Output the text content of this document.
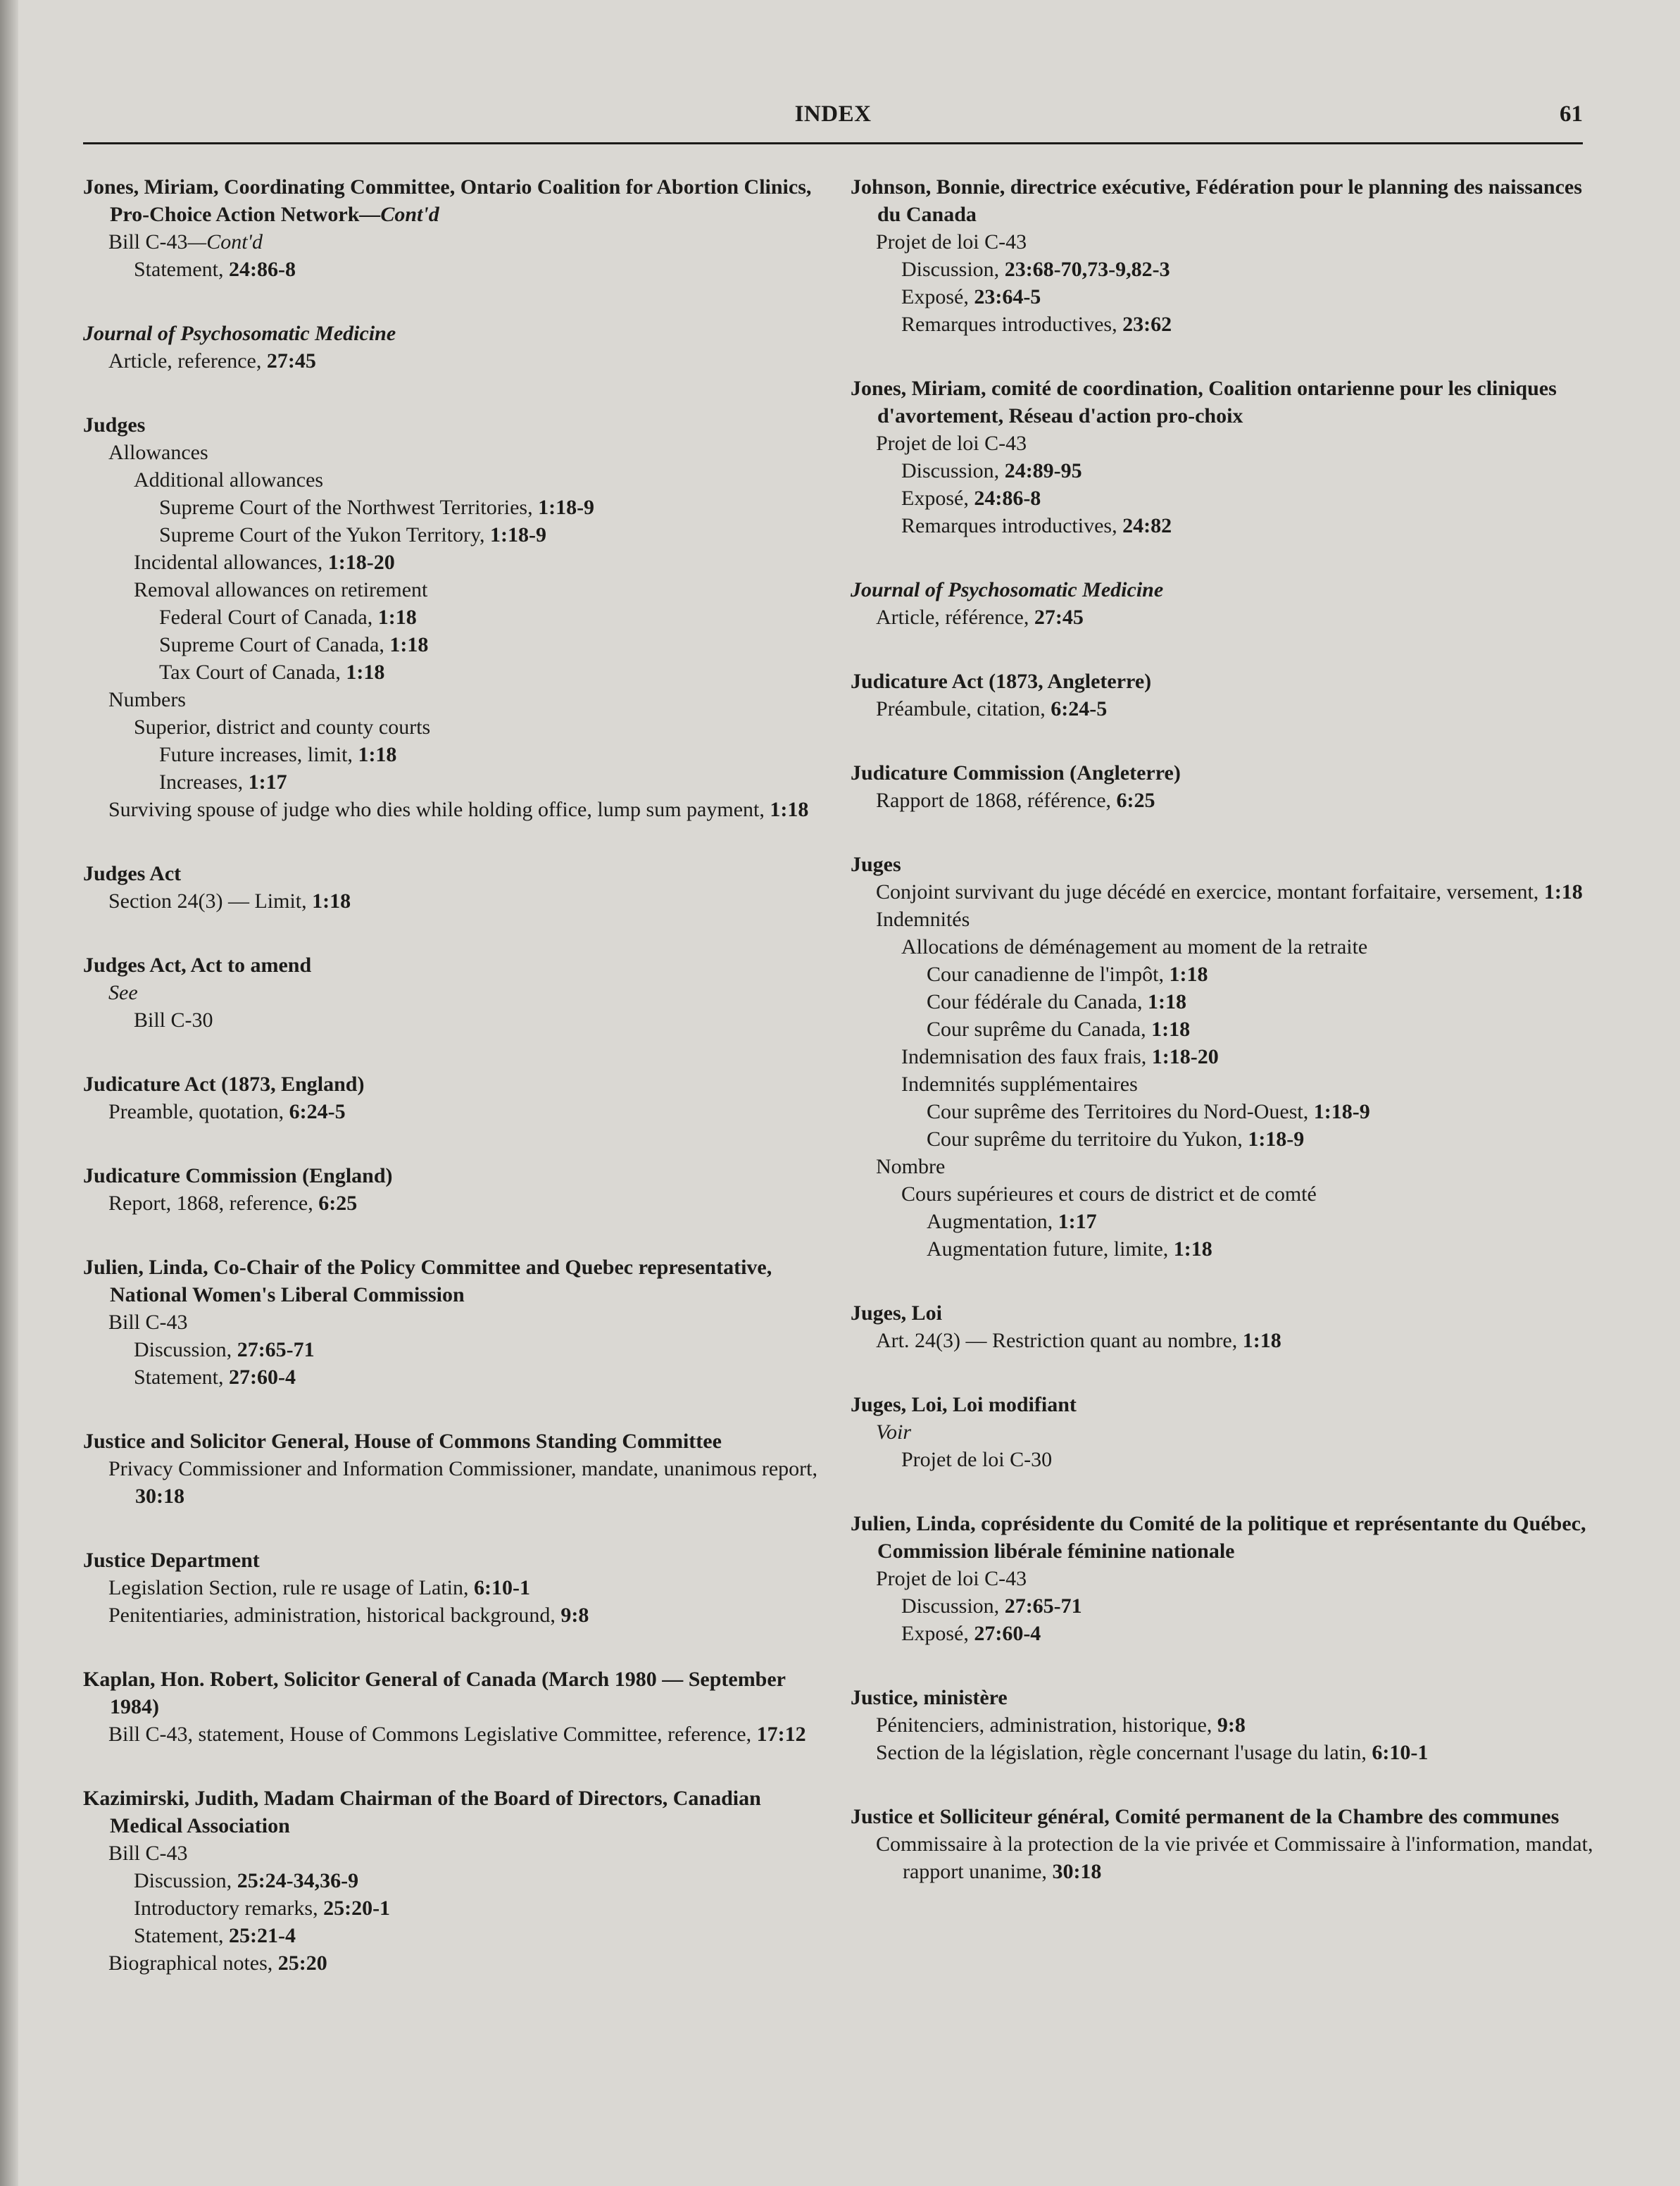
INDEX	61
Jones, Miriam, Coordinating Committee, Ontario Coalition for Abortion Clinics, Pro-Choice Action Network—Cont'd
Bill C-43—Cont'd
Statement, 24:86-8
Journal of Psychosomatic Medicine
Article, reference, 27:45
Judges
Allowances
Additional allowances
Supreme Court of the Northwest Territories, 1:18-9
Supreme Court of the Yukon Territory, 1:18-9
Incidental allowances, 1:18-20
Removal allowances on retirement
Federal Court of Canada, 1:18
Supreme Court of Canada, 1:18
Tax Court of Canada, 1:18
Numbers
Superior, district and county courts
Future increases, limit, 1:18
Increases, 1:17
Surviving spouse of judge who dies while holding office, lump sum payment, 1:18
Judges Act
Section 24(3) — Limit, 1:18
Judges Act, Act to amend
See
Bill C-30
Judicature Act (1873, England)
Preamble, quotation, 6:24-5
Judicature Commission (England)
Report, 1868, reference, 6:25
Julien, Linda, Co-Chair of the Policy Committee and Quebec representative, National Women's Liberal Commission
Bill C-43
Discussion, 27:65-71
Statement, 27:60-4
Justice and Solicitor General, House of Commons Standing Committee
Privacy Commissioner and Information Commissioner, mandate, unanimous report, 30:18
Justice Department
Legislation Section, rule re usage of Latin, 6:10-1
Penitentiaries, administration, historical background, 9:8
Kaplan, Hon. Robert, Solicitor General of Canada (March 1980 — September 1984)
Bill C-43, statement, House of Commons Legislative Committee, reference, 17:12
Kazimirski, Judith, Madam Chairman of the Board of Directors, Canadian Medical Association
Bill C-43
Discussion, 25:24-34,36-9
Introductory remarks, 25:20-1
Statement, 25:21-4
Biographical notes, 25:20
Johnson, Bonnie, directrice exécutive, Fédération pour le planning des naissances du Canada
Projet de loi C-43
Discussion, 23:68-70,73-9,82-3
Exposé, 23:64-5
Remarques introductives, 23:62
Jones, Miriam, comité de coordination, Coalition ontarienne pour les cliniques d'avortement, Réseau d'action pro-choix
Projet de loi C-43
Discussion, 24:89-95
Exposé, 24:86-8
Remarques introductives, 24:82
Journal of Psychosomatic Medicine
Article, référence, 27:45
Judicature Act (1873, Angleterre)
Préambule, citation, 6:24-5
Judicature Commission (Angleterre)
Rapport de 1868, référence, 6:25
Juges
Conjoint survivant du juge décédé en exercice, montant forfaitaire, versement, 1:18
Indemnités
Allocations de déménagement au moment de la retraite
Cour canadienne de l'impôt, 1:18
Cour fédérale du Canada, 1:18
Cour suprême du Canada, 1:18
Indemnisation des faux frais, 1:18-20
Indemnités supplémentaires
Cour suprême des Territoires du Nord-Ouest, 1:18-9
Cour suprême du territoire du Yukon, 1:18-9
Nombre
Cours supérieures et cours de district et de comté
Augmentation, 1:17
Augmentation future, limite, 1:18
Juges, Loi
Art. 24(3) — Restriction quant au nombre, 1:18
Juges, Loi, Loi modifiant
Voir
Projet de loi C-30
Julien, Linda, coprésidente du Comité de la politique et représentante du Québec, Commission libérale féminine nationale
Projet de loi C-43
Discussion, 27:65-71
Exposé, 27:60-4
Justice, ministère
Pénitenciers, administration, historique, 9:8
Section de la législation, règle concernant l'usage du latin, 6:10-1
Justice et Solliciteur général, Comité permanent de la Chambre des communes
Commissaire à la protection de la vie privée et Commissaire à l'information, mandat, rapport unanime, 30:18
